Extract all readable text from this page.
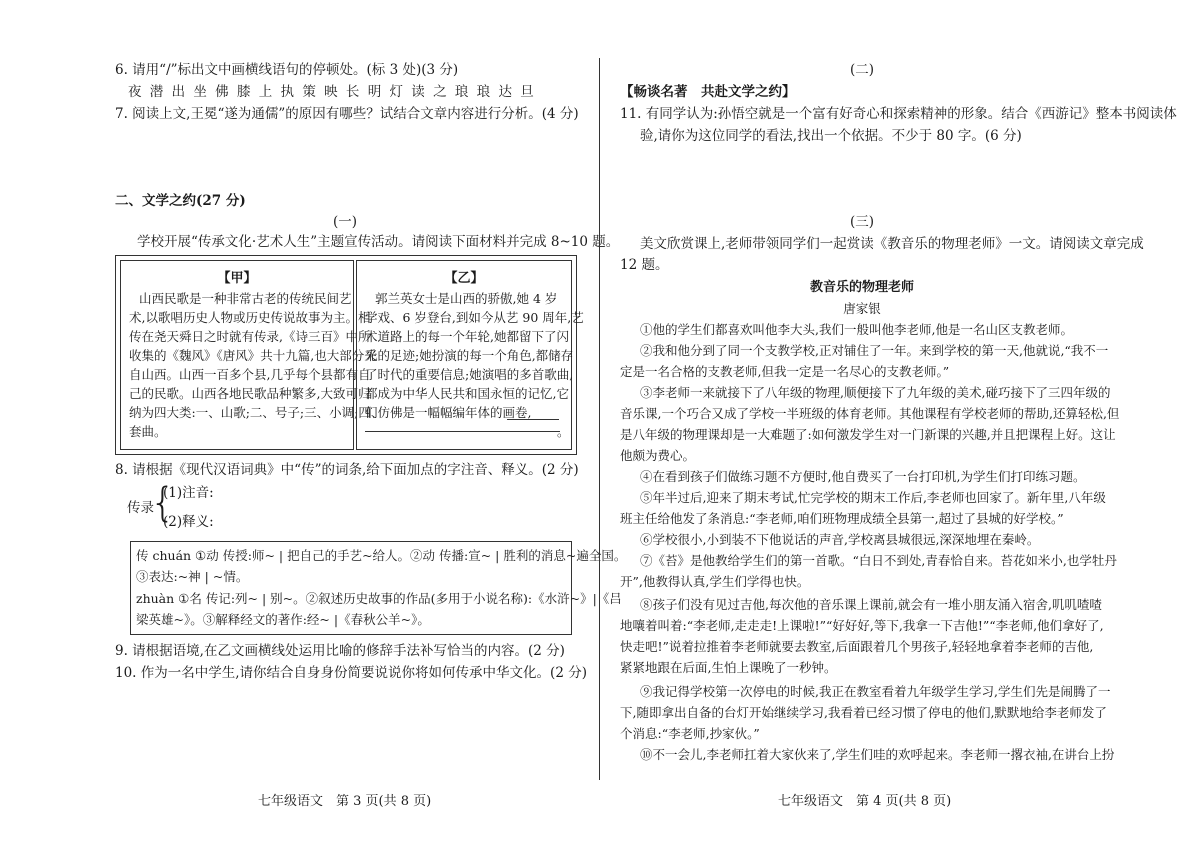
6. 请用“/”标出文中画横线语句的停顿处。(标 3 处)(3 分)
夜 潜 出 坐 佛 膝 上 执 策 映 长 明 灯 读 之 琅 琅 达 旦
7. 阅读上文,王冕“遂为通儒”的原因有哪些？试结合文章内容进行分析。(4 分)
二、文学之约(27 分)
(一)
学校开展“传承文化·艺术人生”主题宣传活动。请阅读下面材料并完成 8~10 题。
【甲】
山西民歌是一种非常古老的传统民间艺
术,以歌唱历史人物或历史传说故事为主。相
传在尧天舜日之时就有传录,《诗三百》中所
收集的《魏风》《唐风》共十九篇,也大部分采
自山西。山西一百多个县,几乎每个县都有自
己的民歌。山西各地民歌品种繁多,大致可归
纳为四大类:一、山歌;二、号子;三、小调;四、
套曲。
【乙】
郭兰英女士是山西的骄傲,她 4 岁
学戏、6 岁登台,到如今从艺 90 周年,艺
术道路上的每一个年轮,她都留下了闪
光的足迹;她扮演的每一个角色,都储存
了时代的重要信息;她演唱的多首歌曲,
都成为中华人民共和国永恒的记忆,它
们仿佛是一幅幅编年体的画卷,
。
8. 请根据《现代汉语词典》中“传”的词条,给下面加点的字注音、释义。(2 分)
传录
{
(1)注音:
(2)释义:
传 chuán ①动 传授:师~ | 把自己的手艺~给人。②动 传播:宣~ | 胜利的消息~遍全国。
③表达:~神 | ~情。
zhuàn ①名 传记:列~ | 别~。②叙述历史故事的作品(多用于小说名称):《水浒~》|《吕
梁英雄~》。③解释经文的著作:经~ |《春秋公羊~》。
9. 请根据语境,在乙文画横线处运用比喻的修辞手法补写恰当的内容。(2 分)
10. 作为一名中学生,请你结合自身身份简要说说你将如何传承中华文化。(2 分)
七年级语文　第 3 页(共 8 页)
(二)
【畅谈名著　共赴文学之约】
11. 有同学认为:孙悟空就是一个富有好奇心和探索精神的形象。结合《西游记》整本书阅读体
验,请你为这位同学的看法,找出一个依据。不少于 80 字。(6 分)
(三)
美文欣赏课上,老师带领同学们一起赏读《教音乐的物理老师》一文。请阅读文章完成
12 题。
教音乐的物理老师
唐家银
①他的学生们都喜欢叫他李大头,我们一般叫他李老师,他是一名山区支教老师。
②我和他分到了同一个支教学校,正对铺住了一年。来到学校的第一天,他就说,“我不一
定是一名合格的支教老师,但我一定是一名尽心的支教老师。”
③李老师一来就接下了八年级的物理,顺便接下了九年级的美术,碰巧接下了三四年级的
音乐课,一个巧合又成了学校一半班级的体育老师。其他课程有学校老师的帮助,还算轻松,但
是八年级的物理课却是一大难题了:如何激发学生对一门新课的兴趣,并且把课程上好。这让
他颇为费心。
④在看到孩子们做练习题不方便时,他自费买了一台打印机,为学生们打印练习题。
⑤年半过后,迎来了期末考试,忙完学校的期末工作后,李老师也回家了。新年里,八年级
班主任给他发了条消息:“李老师,咱们班物理成绩全县第一,超过了县城的好学校。”
⑥学校很小,小到装不下他说话的声音,学校离县城很远,深深地埋在秦岭。
⑦《苔》是他教给学生们的第一首歌。“白日不到处,青春恰自来。苔花如米小,也学牡丹
开”,他教得认真,学生们学得也快。
⑧孩子们没有见过吉他,每次他的音乐课上课前,就会有一堆小朋友涌入宿舍,叽叽喳喳
地嚷着叫着:“李老师,走走走!上课啦!”“好好好,等下,我拿一下吉他!”“李老师,他们拿好了,
快走吧!”说着拉推着李老师就要去教室,后面跟着几个男孩子,轻轻地拿着李老师的吉他,
紧紧地跟在后面,生怕上课晚了一秒钟。
⑨我记得学校第一次停电的时候,我正在教室看着九年级学生学习,学生们先是闹腾了一
下,随即拿出自备的台灯开始继续学习,我看着已经习惯了停电的他们,默默地给李老师发了
个消息:“李老师,抄家伙。”
⑩不一会儿,李老师扛着大家伙来了,学生们哇的欢呼起来。李老师一撂衣袖,在讲台上扮
七年级语文　第 4 页(共 8 页)
